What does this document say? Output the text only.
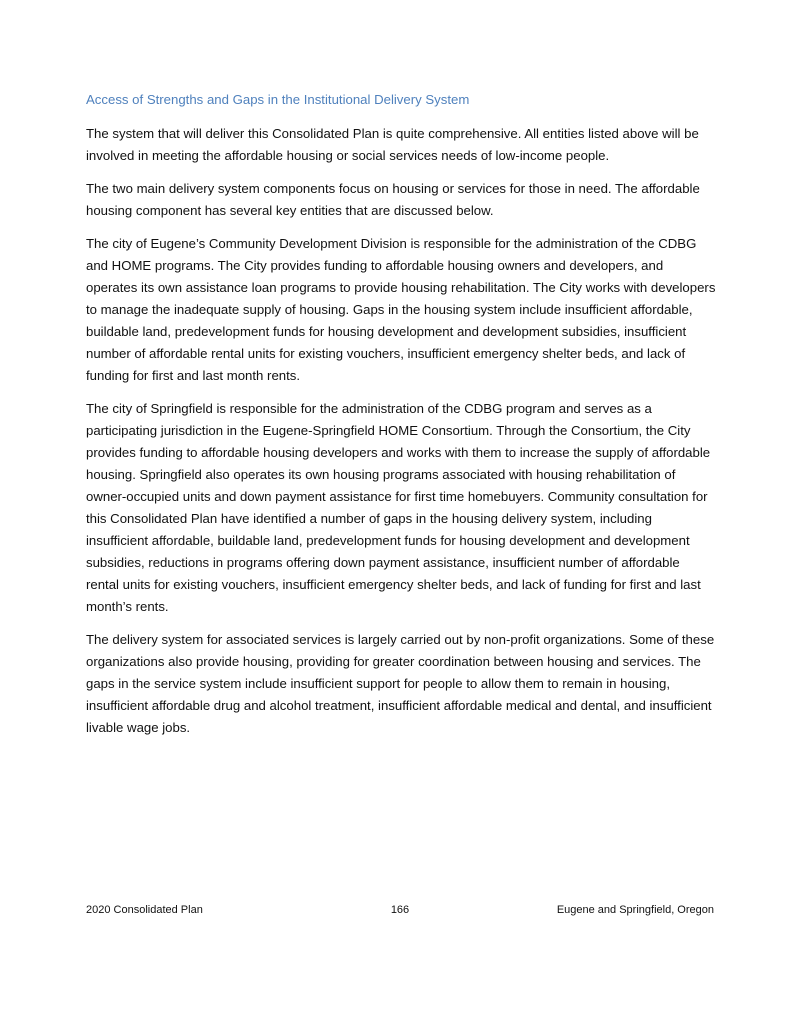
Access of Strengths and Gaps in the Institutional Delivery System

The system that will deliver this Consolidated Plan is quite comprehensive. All entities listed above will be involved in meeting the affordable housing or social services needs of low-income people.

The two main delivery system components focus on housing or services for those in need. The affordable housing component has several key entities that are discussed below.

The city of Eugene’s Community Development Division is responsible for the administration of the CDBG and HOME programs. The City provides funding to affordable housing owners and developers, and operates its own assistance loan programs to provide housing rehabilitation. The City works with developers to manage the inadequate supply of housing. Gaps in the housing system include insufficient affordable, buildable land, predevelopment funds for housing development and development subsidies, insufficient number of affordable rental units for existing vouchers, insufficient emergency shelter beds, and lack of funding for first and last month rents.

The city of Springfield is responsible for the administration of the CDBG program and serves as a participating jurisdiction in the Eugene-Springfield HOME Consortium. Through the Consortium, the City provides funding to affordable housing developers and works with them to increase the supply of affordable housing. Springfield also operates its own housing programs associated with housing rehabilitation of owner-occupied units and down payment assistance for first time homebuyers. Community consultation for this Consolidated Plan have identified a number of gaps in the housing delivery system, including insufficient affordable, buildable land, predevelopment funds for housing development and development subsidies, reductions in programs offering down payment assistance, insufficient number of affordable rental units for existing vouchers, insufficient emergency shelter beds, and lack of funding for first and last month’s rents.

The delivery system for associated services is largely carried out by non-profit organizations. Some of these organizations also provide housing, providing for greater coordination between housing and services. The gaps in the service system include insufficient support for people to allow them to remain in housing, insufficient affordable drug and alcohol treatment, insufficient affordable medical and dental, and insufficient livable wage jobs.

2020 Consolidated Plan	166	Eugene and Springfield, Oregon
